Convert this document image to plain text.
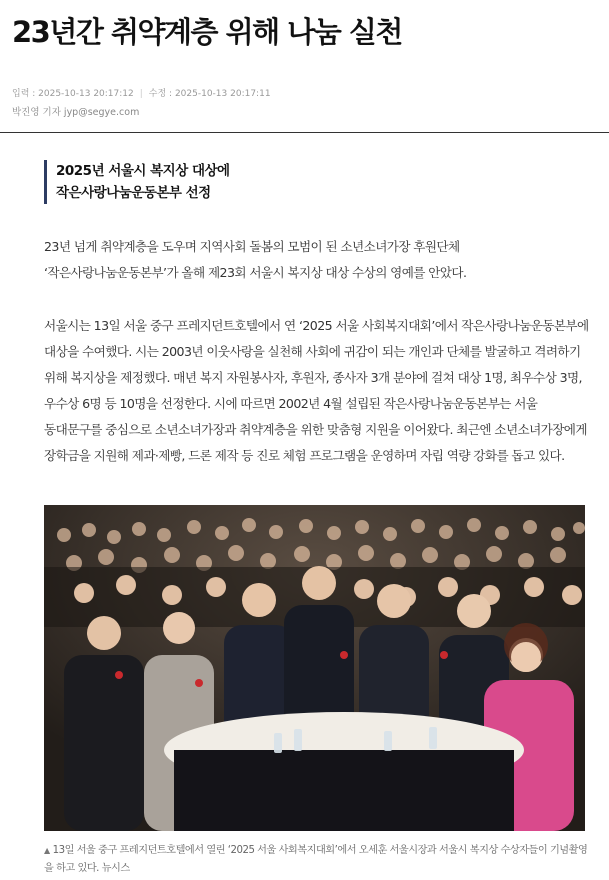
23년간 취약계층 위해 나눔 실천
입력 : 2025-10-13 20:17:12 | 수정 : 2025-10-13 20:17:11
박진영 기자 jyp@segye.com
2025년 서울시 복지상 대상에
작은사랑나눔운동본부 선정

23년 넘게 취약계층을 도우며 지역사회 돌봄의 모범이 된 소년소녀가장 후원단체 ‘작은사랑나눔운동본부’가 올해 제23회 서울시 복지상 대상 수상의 영예를 안았다.

서울시는 13일 서울 중구 프레지던트호텔에서 연 ‘2025 서울 사회복지대회’에서 작은사랑나눔운동본부에 대상을 수여했다. 시는 2003년 이웃사랑을 실천해 사회에 귀감이 되는 개인과 단체를 발굴하고 격려하기 위해 복지상을 제정했다. 매년 복지 자원봉사자, 후원자, 종사자 3개 분야에 걸쳐 대상 1명, 최우수상 3명, 우수상 6명 등 10명을 선정한다. 시에 따르면 2002년 4월 설립된 작은사랑나눔운동본부는 서울 동대문구를 중심으로 소년소녀가장과 취약계층을 위한 맞춤형 지원을 이어왔다. 최근엔 소년소녀가장에게 장학금을 지원해 제과·제빵, 드론 제작 등 진로 체험 프로그램을 운영하며 자립 역량 강화를 돕고 있다.

▲ 13일 서울 중구 프레지던트호텔에서 열린 ‘2025 서울 사회복지대회’에서 오세훈 서울시장과 서울시 복지상 수상자들이 기념촬영을 하고 있다. 뉴시스
